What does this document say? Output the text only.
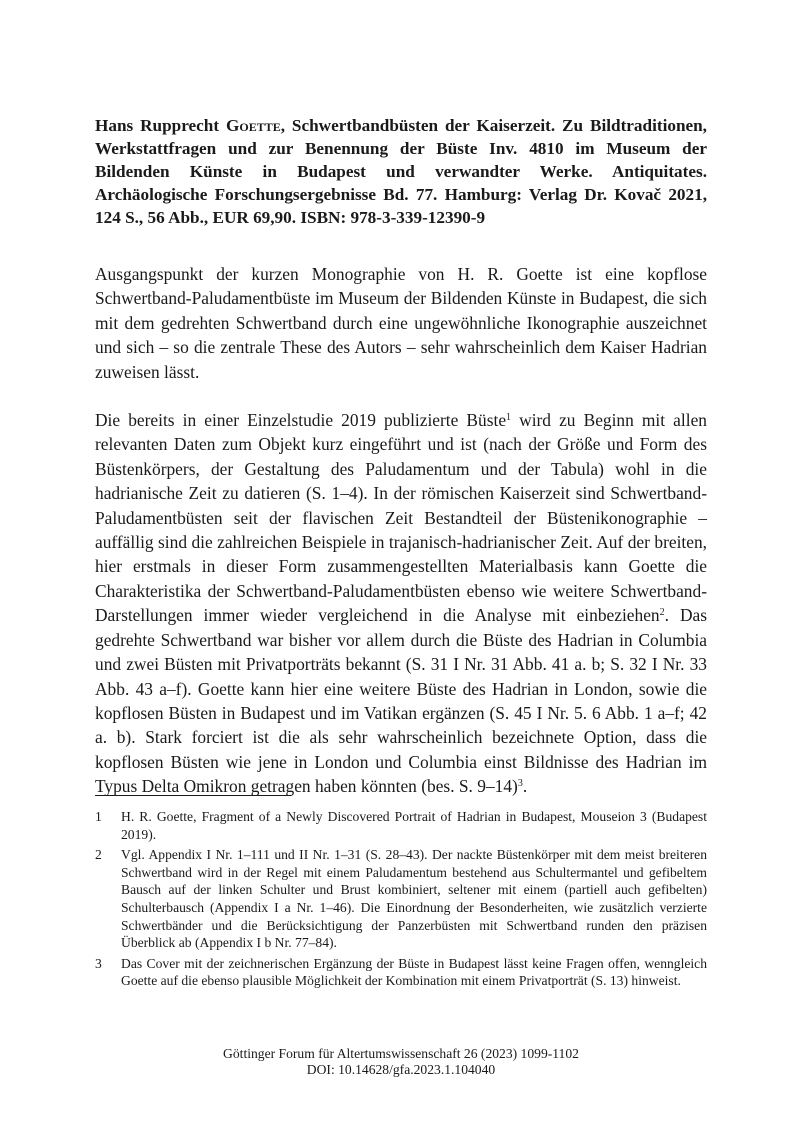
Hans Rupprecht Goette, Schwertbandbüsten der Kaiserzeit. Zu Bildtraditionen, Werkstattfragen und zur Benennung der Büste Inv. 4810 im Museum der Bildenden Künste in Budapest und verwandter Werke. Antiquitates. Archäologische Forschungsergebnisse Bd. 77. Hamburg: Verlag Dr. Kovač 2021, 124 S., 56 Abb., EUR 69,90. ISBN: 978-3-339-12390-9

Ausgangspunkt der kurzen Monographie von H. R. Goette ist eine kopflose Schwertband-Paludamentbüste im Museum der Bildenden Künste in Budapest, die sich mit dem gedrehten Schwertband durch eine ungewöhnliche Ikonographie auszeichnet und sich – so die zentrale These des Autors – sehr wahrscheinlich dem Kaiser Hadrian zuweisen lässt.

Die bereits in einer Einzelstudie 2019 publizierte Büste$^1$ wird zu Beginn mit allen relevanten Daten zum Objekt kurz eingeführt und ist (nach der Größe und Form des Büstenkörpers, der Gestaltung des Paludamentum und der Tabula) wohl in die hadrianische Zeit zu datieren (S. 1–4). In der römischen Kaiserzeit sind Schwertband-Paludamentbüsten seit der flavischen Zeit Bestandteil der Büstenikonographie – auffällig sind die zahlreichen Beispiele in trajanisch-hadrianischer Zeit. Auf der breiten, hier erstmals in dieser Form zusammengestellten Materialbasis kann Goette die Charakteristika der Schwertband-Paludamentbüsten ebenso wie weitere Schwertband-Darstellungen immer wieder vergleichend in die Analyse mit einbeziehen$^2$. Das gedrehte Schwertband war bisher vor allem durch die Büste des Hadrian in Columbia und zwei Büsten mit Privatporträts bekannt (S. 31 I Nr. 31 Abb. 41 a. b; S. 32 I Nr. 33 Abb. 43 a–f). Goette kann hier eine weitere Büste des Hadrian in London, sowie die kopflosen Büsten in Budapest und im Vatikan ergänzen (S. 45 I Nr. 5. 6 Abb. 1 a–f; 42 a. b). Stark forciert ist die als sehr wahrscheinlich bezeichnete Option, dass die kopflosen Büsten wie jene in London und Columbia einst Bildnisse des Hadrian im Typus Delta Omikron getragen haben könnten (bes. S. 9–14)$^3$.

1	H. R. Goette, Fragment of a Newly Discovered Portrait of Hadrian in Budapest, Mouseion 3 (Budapest 2019).
2	Vgl. Appendix I Nr. 1–111 und II Nr. 1–31 (S. 28–43). Der nackte Büstenkörper mit dem meist breiteren Schwertband wird in der Regel mit einem Paludamentum bestehend aus Schultermantel und gefibeltem Bausch auf der linken Schulter und Brust kombiniert, seltener mit einem (partiell auch gefibelten) Schulterbausch (Appendix I a Nr. 1–46). Die Einordnung der Besonderheiten, wie zusätzlich verzierte Schwertbänder und die Berücksichtigung der Panzerbüsten mit Schwertband runden den präzisen Überblick ab (Appendix I b Nr. 77–84).
3	Das Cover mit der zeichnerischen Ergänzung der Büste in Budapest lässt keine Fragen offen, wenngleich Goette auf die ebenso plausible Möglichkeit der Kombination mit einem Privatporträt (S. 13) hinweist.
Göttinger Forum für Altertumswissenschaft 26 (2023) 1099-1102
DOI: 10.14628/gfa.2023.1.104040
